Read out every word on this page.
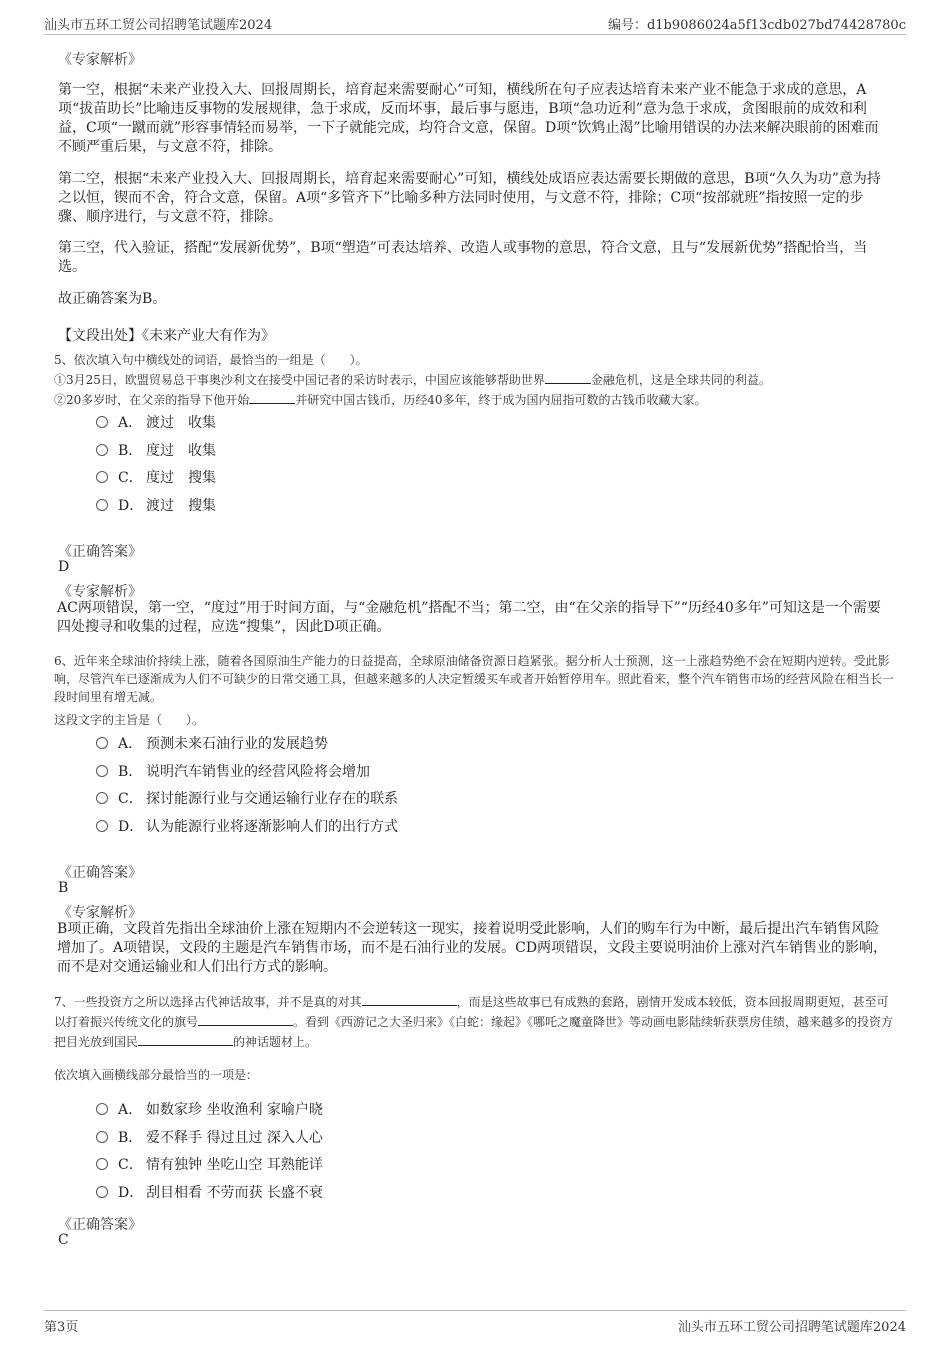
汕头市五环工贸公司招聘笔试题库2024	编号：d1b9086024a5f13cdb027bd74428780c
《专家解析》
第一空，根据“未来产业投入大、回报周期长，培育起来需要耐心”可知，横线所在句子应表达培育未来产业不能急于求成的意思，A项“拔苗助长”比喻违反事物的发展规律，急于求成，反而坏事，最后事与愿违，B项“急功近利”意为急于求成，贪图眼前的成效和利益，C项“一蹴而就”形容事情轻而易举，一下子就能完成，均符合文意，保留。D项“饮鸩止渴”比喻用错误的办法来解决眼前的困难而不顾严重后果，与文意不符，排除。
第二空，根据“未来产业投入大、回报周期长，培育起来需要耐心”可知，横线处成语应表达需要长期做的意思，B项“久久为功”意为持之以恒，锲而不舍，符合文意，保留。A项“多管齐下”比喻多种方法同时使用，与文意不符，排除；C项“按部就班”指按照一定的步骤、顺序进行，与文意不符，排除。
第三空，代入验证，搭配“发展新优势”，B项“塑造”可表达培养、改造人或事物的意思，符合文意，且与“发展新优势”搭配恰当，当选。
故正确答案为B。
【文段出处】《未来产业大有作为》
5、依次填入句中横线处的词语，最恰当的一组是（　　）。
①3月25日，欧盟贸易总干事奥沙利文在接受中国记者的采访时表示，中国应该能够帮助世界	金融危机，这是全球共同的利益。
②20多岁时，在父亲的指导下他开始	并研究中国古钱币，历经40多年，终于成为国内屈指可数的古钱币收藏大家。
A． 渡过　收集
B． 度过　收集
C． 度过　搜集
D． 渡过　搜集
《正确答案》
D
《专家解析》
AC两项错误，第一空，“度过”用于时间方面，与“金融危机”搭配不当；第二空，由“在父亲的指导下”“历经40多年”可知这是一个需要四处搜寻和收集的过程，应选“搜集”，因此D项正确。
6、近年来全球油价持续上涨，随着各国原油生产能力的日益提高，全球原油储备资源日趋紧张。据分析人士预测，这一上涨趋势绝不会在短期内逆转。受此影响，尽管汽车已逐渐成为人们不可缺少的日常交通工具，但越来越多的人决定暂缓买车或者开始暂停用车。照此看来，整个汽车销售市场的经营风险在相当长一段时间里有增无减。
这段文字的主旨是（　　）。
A． 预测未来石油行业的发展趋势
B． 说明汽车销售业的经营风险将会增加
C． 探讨能源行业与交通运输行业存在的联系
D． 认为能源行业将逐渐影响人们的出行方式
《正确答案》
B
《专家解析》
B项正确，文段首先指出全球油价上涨在短期内不会逆转这一现实，接着说明受此影响，人们的购车行为中断，最后提出汽车销售风险增加了。A项错误，文段的主题是汽车销售市场，而不是石油行业的发展。CD两项错误，文段主要说明油价上涨对汽车销售业的影响，而不是对交通运输业和人们出行方式的影响。
7、一些投资方之所以选择古代神话故事，并不是真的对其	，而是这些故事已有成熟的套路，剧情开发成本较低，资本回报周期更短，甚至可以打着振兴传统文化的旗号	。看到《西游记之大圣归来》《白蛇：缘起》《哪吒之魔童降世》等动画电影陆续斩获票房佳绩，越来越多的投资方把目光放到国民	的神话题材上。
依次填入画横线部分最恰当的一项是：
A． 如数家珍 坐收渔利 家喻户晓
B． 爱不释手 得过且过 深入人心
C． 情有独钟 坐吃山空 耳熟能详
D． 刮目相看 不劳而获 长盛不衰
《正确答案》
C
第3页	汕头市五环工贸公司招聘笔试题库2024
